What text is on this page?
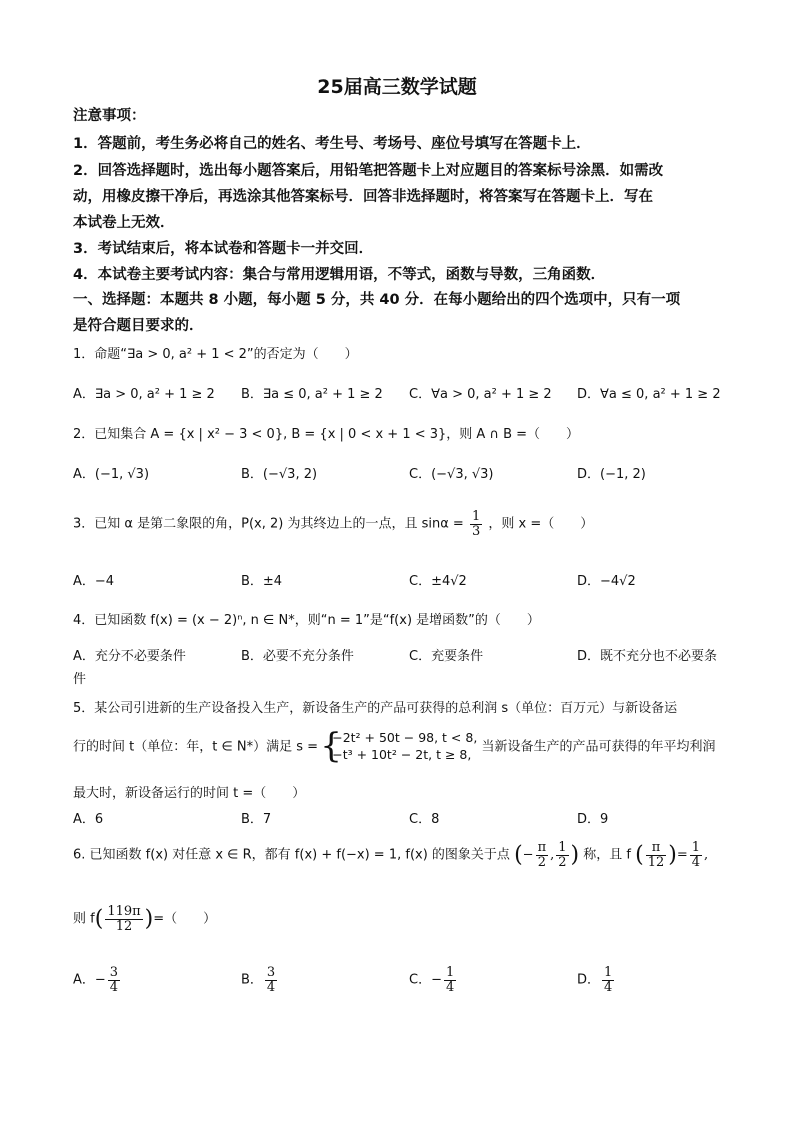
25届高三数学试题
注意事项：
1．答题前，考生务必将自己的姓名、考生号、考场号、座位号填写在答题卡上．
2．回答选择题时，选出每小题答案后，用铅笔把答题卡上对应题目的答案标号涂黑．如需改
动，用橡皮擦干净后，再选涂其他答案标号．回答非选择题时，将答案写在答题卡上．写在
本试卷上无效．
3．考试结束后，将本试卷和答题卡一并交回．
4．本试卷主要考试内容：集合与常用逻辑用语，不等式，函数与导数，三角函数．
一、选择题：本题共 8 小题，每小题 5 分，共 40 分．在每小题给出的四个选项中，只有一项
是符合题目要求的．
1．命题“∃a > 0, a² + 1 < 2”的否定为（　　）
A．∃a > 0, a² + 1 ≥ 2 B．∃a ≤ 0, a² + 1 ≥ 2 C．∀a > 0, a² + 1 ≥ 2 D．∀a ≤ 0, a² + 1 ≥ 2
2．已知集合 A = {x | x² − 3 < 0}, B = {x | 0 < x + 1 < 3}，则 A ∩ B =（　　）
A．(−1, √3)	B．(−√3, 2)	C．(−√3, √3)	D．(−1, 2)
3．已知 α 是第二象限的角，P(x, 2) 为其终边上的一点，且 $\sin\alpha = \frac{1}{3}$ ，则 x =（　　）
A．−4	B．±4	C．±4√2	D．−4√2
4．已知函数 f(x) = (x − 2)ⁿ, n ∈ N*，则“n = 1”是“f(x) 是增函数”的（　　）
A．充分不必要条件	B．必要不充分条件	C．充要条件	D．既不充分也不必要条
件
5．某公司引进新的生产设备投入生产，新设备生产的产品可获得的总利润 s（单位：百万元）与新设备运
行的时间 t（单位：年，t ∈ N*）满足 s =
{ −2t² + 50t − 98, t < 8,
−t³ + 10t² − 2t, t ≥ 8, 当新设备生产的产品可获得的年平均利润
最大时，新设备运行的时间 t =（　　）
A．6	B．7	C．8	D．9
6. 已知函数 f(x) 对任意 x ∈ R，都有 f(x) + f(−x) = 1, f(x) 的图象关于点 (− $\frac{\pi}{2}$ , $\frac{1}{2}$ ) 称，且 f ( $\frac{\pi}{12}$ )= $\frac{1}{4}$ ,
则 $f( \frac{119\pi}{12}$ )=（　　）
A．− $\frac{3}{4}$	B． $\frac{3}{4}$	C．− $\frac{1}{4}$	D． $\frac{1}{4}$
